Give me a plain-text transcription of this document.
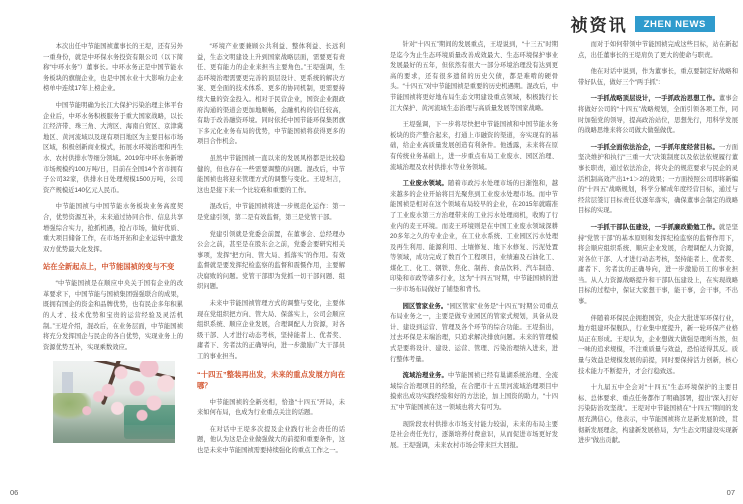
祯资讯	ZHEN NEWS

本次出任中节能国祯董事长的王堤，还有另外一重身份，就是中环保水务投资有限公司（以下简称“中环水务”）董事长。中环水务正是中国节能水务板块的旗舰企业，也是中国水业十大影响力企业榜单中连续17年上榜企业。

中国节能明确为长江大保护污染治理主体平台企业后，中环水务积极服务于重大国家战略，以长江经济带、珠三角、大湾区、海南自贸区、京津冀地区、黄河流域以及现有项目地区为主要目标市场区域，积极创新商业模式，拓展水环境治理和再生水、农村供排水等细分领域。2019年中环水务新增市场规模约100万吨/日，目前在全国14个省市拥有子公司32家，供排水日处理规模1500万吨，公司资产规模近140亿元人民币。

中节能国祯与中国节能水务板块业务高度契合，优势资源互补，未来通过协同合作、信息共享增强综合实力，抢抓机遇，抢占市场，做好优质、重大项目储备工作，在市场开拓和企业运转中激发双方优势最大化发挥。

站在全新起点上，中节能国祯的变与不变

“中节能国祯是在顺应中央关于国有企业的改革要求下，中国节能与国祯集团强强联合的成果，既拥有国企的资金和品牌优势，也有民企多年积累的人才、技术优势和宝贵的运营经验及灵活机制。”王堤介绍，混改后，在业务层面，中节能国祯将充分发挥国企与民企的各自优势，实现业务上的资源优势互补，实现乘数效应。

“环境产业要兼顾公共利益、整体利益、长远利益，生态文明建设上升到国家战略层面，需要更有责任、更有能力的企业来担当主要角色。”王堤强调，生态环境治理需要更完善的顶层设计、更系统的解决方案、更全面的技术体系、更多的协同机制，更需要持续大量的资金投入。相对于民营企业，国资企业跟政府沟通的渠道会更加地顺畅，金融机构的信任较高，有助于改善融资环境。同时依托中国节能环保集团旗下多元化业务布局的优势，中节能国祯将获得更多的项目合作机会。

虽然中节能国祯一直以来的发展风格都是比较稳健的，但也存在一些需要调整的问题。混改后，中节能国祯也将迎来管理方式的调整与变化。王堤坦言，这也是接下来一个比较难和重要的工作。

混改后，中节能国祯将进一步规范化运作：第一是党建引领，第二是有效监督，第三是党管干部。

党建引领就是党委会前置，在董事会、总经理办公会之前，甚至是在股东会之前，党委会要研究相关事项，发挥“把方向、管大局、抓落实”的作用。有效监督就是要发挥纪检监察的监督和震慑作用，主要解决腐败的问题。党管干部即为党抓一切干部问题、组织问题。

未来中节能国祯管理方式的调整与变化，主要体现在党组织把方向、管大局、保落实上，公司会顺应组织系统、顺应企业发展，合理调配人力资源，对各级干部、人才进行动态考核，坚持能者上、优者奖、庸者下、劣者汰的正确导向，进一步激励广大干部员工的事业担当。

“十四五”整装再出发，未来的重点发展方向在哪？

中节能国祯的全新亮相，恰逢“十四五”开局，未来如何布局，也成为行业重点关注的话题。

在对话中王堤多次提及企业践行社会责任的话题，他认为这是企业做强做大的前提和重要条件，这也是未来中节能国祯需要持续强化的重点工作之一。

针对“十四五”期间的发展重点，王堤说到，“十三五”时期是迄今为止生态环境质量改善成效最大、生态环境保护事业发展最好的五年，但依然有很大一部分环境治理没有达到更高的要求，还有很多遗留的历史欠债，都是难啃的硬骨头。“十四五”对中节能国祯是重要的历史机遇期。混改后，中节能国祯将更好地布局生态文明建设重点领域，积极践行长江大保护、黄河流域生态治理与高质量发展等国家战略。

王堤强调，下一步将尽快把中节能国祯和中国节能水务板块的资产整合起来，打通上市融资的渠道，夯实现有的基础，给企业高质量发展创造有利条件。他透露，未来将在原有传统业务基础上，进一步重点布局工业废水、园区治理、流域治理及农村供排水等业务领域。

工业废水领域。随着市政污水处理市场的日渐饱和，越来越多的企业开始将目光聚焦到工业废水处理市场。而中节能国祯是相对在这个领域布局较早的企业，在2015年就瞄准了工业废水第三方治理带来的工业污水处理商机，收购了行业内的麦王环境。而麦王环境则是在中国工业废水领域深耕20多年之久的专业企业，在工业水系统、工业园区污水处理及再生利用、能源利用、土壤修复、地下水修复、污泥处置等领域，成功完成了数百个工程项目，业绩遍及石油化工、煤化工、化工、钢铁、焦化、制药、食品饮料、汽车制造、印染和市政等诸多行业，这为“十四五”时期，中节能国祯的进一步市场布局做好了铺垫和背书。

园区管家业务。“园区管家”业务是“十四五”时期公司重点布局业务之一，主要是做专业园区的管家式规划，具备从设计、建设到运营、管理及各个环节的综合功能。王堤指出，过去环保是末端治理，只追求解决排放问题。未来的管理模式是要将设计、建设、运营、管理、污染治理纳入进来，进行整体考量。

流域治理业务。中节能国祯已经有巢湖系统治理、全流域综合治理项目的经验，在合肥市十五里河流域治理项目中摸索出成功实践经验和好的方法论，加上国资的助力，“十四五”中节能国祯在这一领域也将大有可为。

现阶段农村供排水市场支付能力较弱，未来的布局主要是社会责任先行，逐渐培养付费意识，从而促进市场更好发展。王堤强调，未来农村市场会带来巨大回报。

而对于如何带领中节能国祯完成这些目标，站在新起点，出任董事长的王堤肩负了更大的使命与职责。

他在对话中说到，作为董事长，重点要制定好战略和带好队伍，做好三个“两手抓”：

一手抓战略顶层设计，一手抓政治思想工作。董事会将做好公司的“十四五”战略规划，全面引领各项工作，同时加强党的领导，提高政治站位，思想先行，用科学发展的战略思维来将公司做大做强做优。

一手抓全面依法治企，一手抓年度经营目标。一方面坚决维护和执行“三重一大”决策制度以及依法依规履行董事长职责，通过依法治企，将央企的规范要求与民企的灵活机制高效产出1+1＞2的效果；一方面按照公司即将新编的“十四五”战略规划，科学分解成年度经营目标，通过与经营层签订目标责任状逐年落实，确保董事会制定的战略目标的实现。

一手抓干部队伍建设，一手抓廉政勤勉工作。就是坚持“党管干部”的基本原则和发挥纪检监察的监督作用下，将会顺应组织系统、顺应企业发展，合理调配人力资源，对各位干部、人才进行动态考核，坚持能者上、优者奖、庸者下、劣者汰的正确导向，进一步激励员工的事业担当。从人力资源战略提升和干部队伍建设上，在实现战略目标的过程中，保证大家想干事，能干事，会干事，不出事。

伴随着环保民企拥抱国资，央企大批进军环保行业，地方组建环保舰队，行业集中度提升，新一轮环保产业格局正在形成。王堤认为，企业想做大做强是理所当然，但一味的追求规模，不注重质量与效益，恐怕适得其反。质量与效益是规模发展的前提，同时要保持活力创新，核心技术能力不断提升，才会行稳致远。

十九届五中全会对“十四五”生态环境保护的主要目标、总体要求、重点任务都作了明确部署，提出“深入打好污染防治攻坚战”。王堤对中节能国祯在“十四五”期间的发展充满信心，他表示，中节能国祯将立足新发展阶段，贯彻新发展理念，构建新发展格局，为“生态文明建设实现新进步”做出贡献。

06	07
